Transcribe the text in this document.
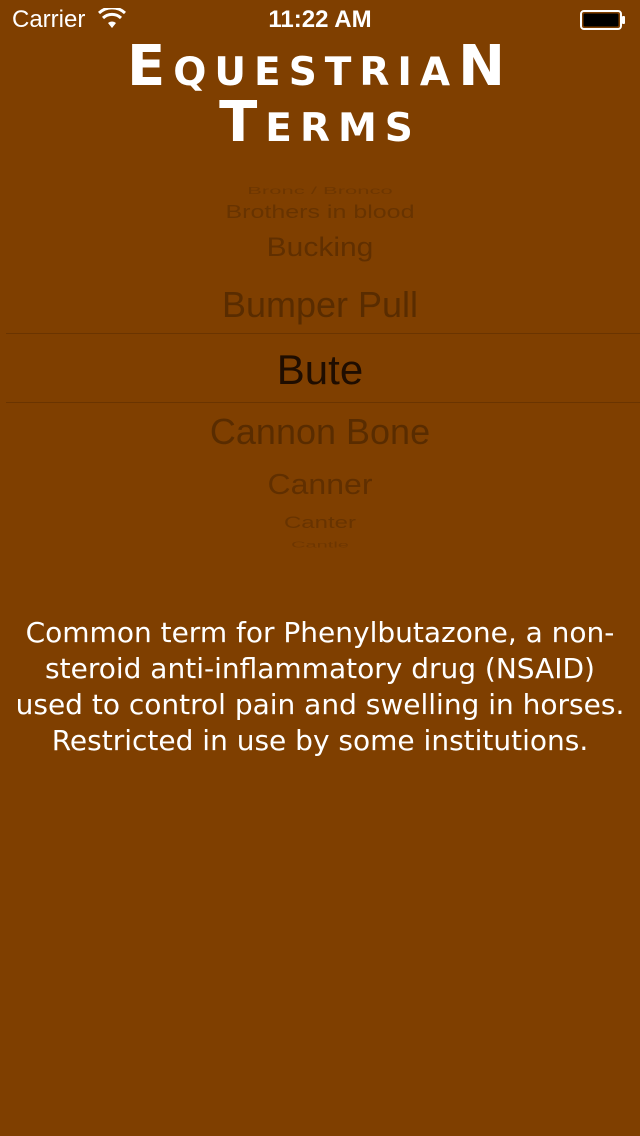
Carrier	11:22 AM
EquestriaN
Terms
Bronc / Bronco
Brothers in blood
Bucking
Bumper Pull
Bute
Cannon Bone
Canner
Canter
Cantle
Common term for Phenylbutazone, a non-steroid anti-inflammatory drug (NSAID) used to control pain and swelling in horses. Restricted in use by some institutions.
